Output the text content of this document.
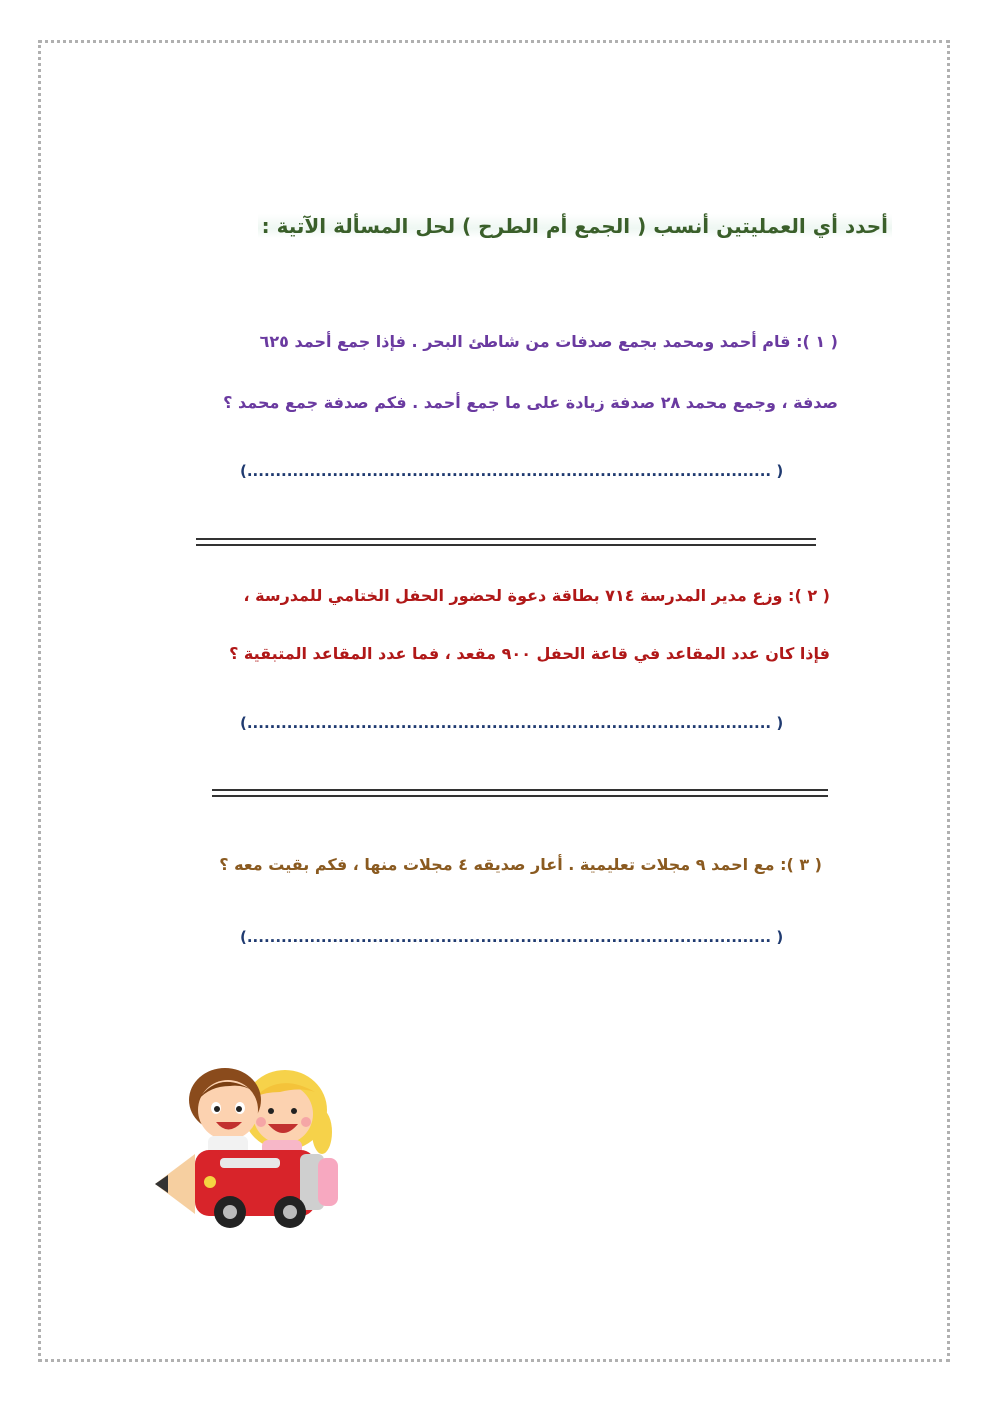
أحدد أي العمليتين أنسب ( الجمع أم الطرح ) لحل المسألة الآتية :
( ١ ): قام أحمد ومحمد بجمع صدفات من شاطئ البحر . فإذا جمع أحمد ٦٢٥
صدفة ، وجمع محمد ٢٨ صدفة زيادة على ما جمع أحمد . فكم صدفة جمع محمد ؟
(............................................................................................ )
( ٢ ): وزع مدير المدرسة ٧١٤ بطاقة دعوة لحضور الحفل الختامي للمدرسة ،
فإذا كان عدد المقاعد في قاعة الحفل ٩٠٠ مقعد ، فما عدد المقاعد المتبقية ؟
(............................................................................................ )
( ٣ ): مع احمد ٩ مجلات تعليمية . أعار صديقه ٤ مجلات منها ، فكم بقيت معه ؟
(............................................................................................ )
